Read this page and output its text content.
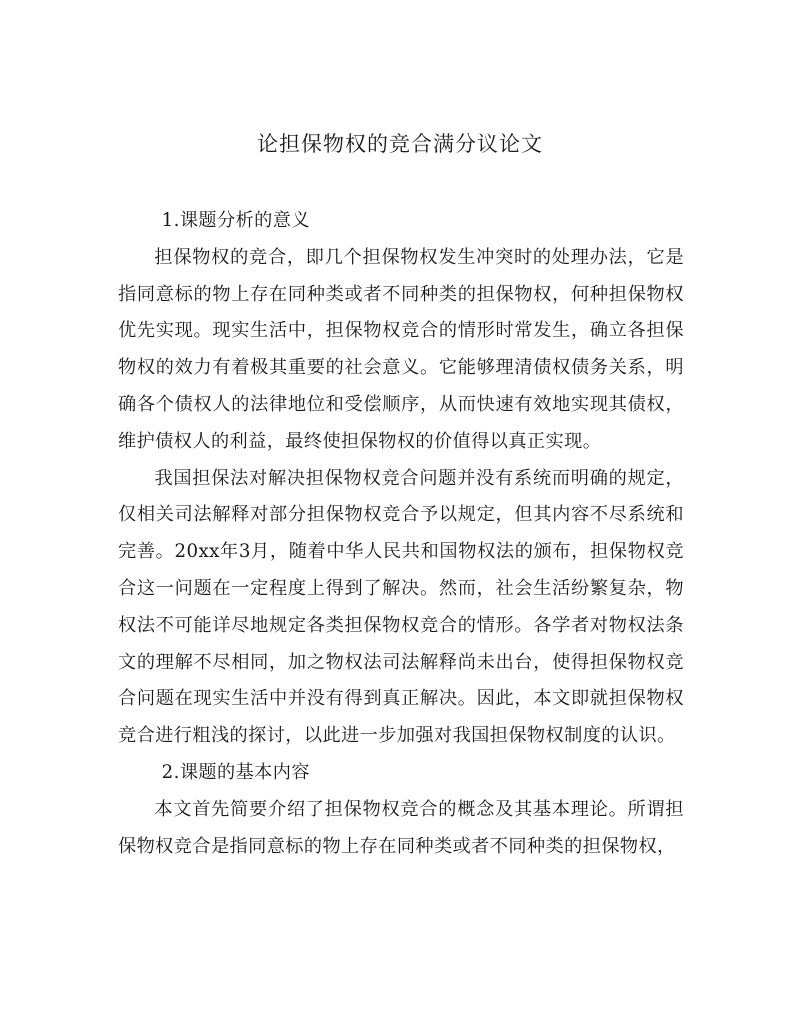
论担保物权的竞合满分议论文

1.课题分析的意义

担保物权的竞合，即几个担保物权发生冲突时的处理办法，它是指同意标的物上存在同种类或者不同种类的担保物权，何种担保物权优先实现。现实生活中，担保物权竞合的情形时常发生，确立各担保物权的效力有着极其重要的社会意义。它能够理清债权债务关系，明确各个债权人的法律地位和受偿顺序，从而快速有效地实现其债权，维护债权人的利益，最终使担保物权的价值得以真正实现。

我国担保法对解决担保物权竞合问题并没有系统而明确的规定，仅相关司法解释对部分担保物权竞合予以规定，但其内容不尽系统和完善。20xx年3月，随着中华人民共和国物权法的颁布，担保物权竞合这一问题在一定程度上得到了解决。然而，社会生活纷繁复杂，物权法不可能详尽地规定各类担保物权竞合的情形。各学者对物权法条文的理解不尽相同，加之物权法司法解释尚未出台，使得担保物权竞合问题在现实生活中并没有得到真正解决。因此，本文即就担保物权竞合进行粗浅的探讨，以此进一步加强对我国担保物权制度的认识。

2.课题的基本内容

本文首先简要介绍了担保物权竞合的概念及其基本理论。所谓担保物权竞合是指同意标的物上存在同种类或者不同种类的担保物权，
